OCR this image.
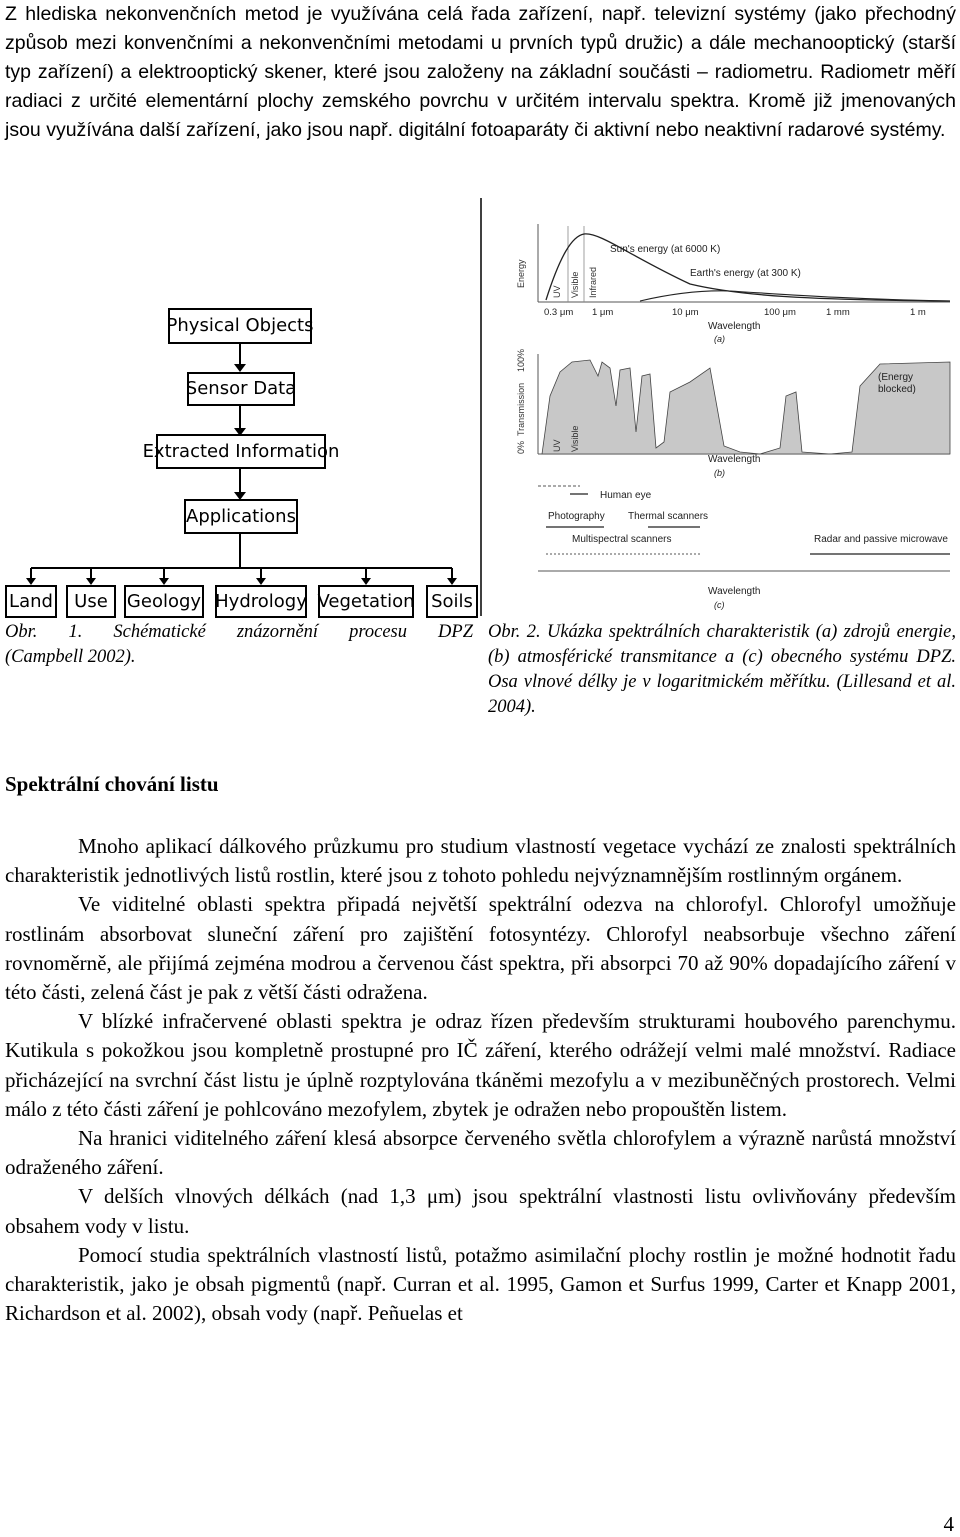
Z hlediska nekonvenčních metod je využívána celá řada zařízení, např. televizní systémy (jako přechodný způsob mezi konvenčními a nekonvenčními metodami u prvních typů družic) a dále mechanooptický (starší typ zařízení) a elektrooptický skener, které jsou založeny na základní součásti – radiometru. Radiometr měří radiaci z určité elementární plochy zemského povrchu v určitém intervalu spektra. Kromě již jmenovaných jsou využívána další zařízení, jako jsou např. digitální fotoaparáty či aktivní nebo neaktivní radarové systémy.

Physical Objects
Sensor Data
Extracted Information
Applications
Land	Use	Geology Hydrology Vegetation Soils
Obr. 1. Schématické znázornění procesu DPZ
(Campbell 2002).
Energy
UV Visible Infrared
Sun's energy (at 6000 K)
Earth's energy (at 300 K)
0.3 μm 1 μm	10 μm	100 μm	1 mm	1 m
Wavelength
(a)
Transmission
100%
0%
(Energy
blocked)
UV Visible
Wavelength
(b)
Human eye
Photography Thermal scanners
Multispectral scanners	Radar and passive microwave
Wavelength
(c)

Obr. 2. Ukázka spektrálních charakteristik (a) zdrojů energie, (b) atmosférické transmitance a (c) obecného systému DPZ. Osa vlnové délky je v logaritmickém měřítku. (Lillesand et al. 2004).

Spektrální chování listu

Mnoho aplikací dálkového průzkumu pro studium vlastností vegetace vychází ze znalosti spektrálních charakteristik jednotlivých listů rostlin, které jsou z tohoto pohledu nejvýznamnějším rostlinným orgánem.

Ve viditelné oblasti spektra připadá největší spektrální odezva na chlorofyl. Chlorofyl umožňuje rostlinám absorbovat sluneční záření pro zajištění fotosyntézy. Chlorofyl neabsorbuje všechno záření rovnoměrně, ale přijímá zejména modrou a červenou část spektra, při absorpci 70 až 90% dopadajícího záření v této části, zelená část je pak z větší části odražena.

V blízké infračervené oblasti spektra je odraz řízen především strukturami houbového parenchymu. Kutikula s pokožkou jsou kompletně prostupné pro IČ záření, kterého odrážejí velmi malé množství. Radiace přicházející na svrchní část listu je úplně rozptylována tkáněmi mezofylu a v mezibuněčných prostorech. Velmi málo z této části záření je pohlcováno mezofylem, zbytek je odražen nebo propouštěn listem.

Na hranici viditelného záření klesá absorpce červeného světla chlorofylem a výrazně narůstá množství odraženého záření.

V delších vlnových délkách (nad 1,3 μm) jsou spektrální vlastnosti listu ovlivňovány především obsahem vody v listu.

Pomocí studia spektrálních vlastností listů, potažmo asimilační plochy rostlin je možné hodnotit řadu charakteristik, jako je obsah pigmentů (např. Curran et al. 1995, Gamon et Surfus 1999, Carter et Knapp 2001, Richardson et al. 2002), obsah vody (např. Peñuelas et

4
